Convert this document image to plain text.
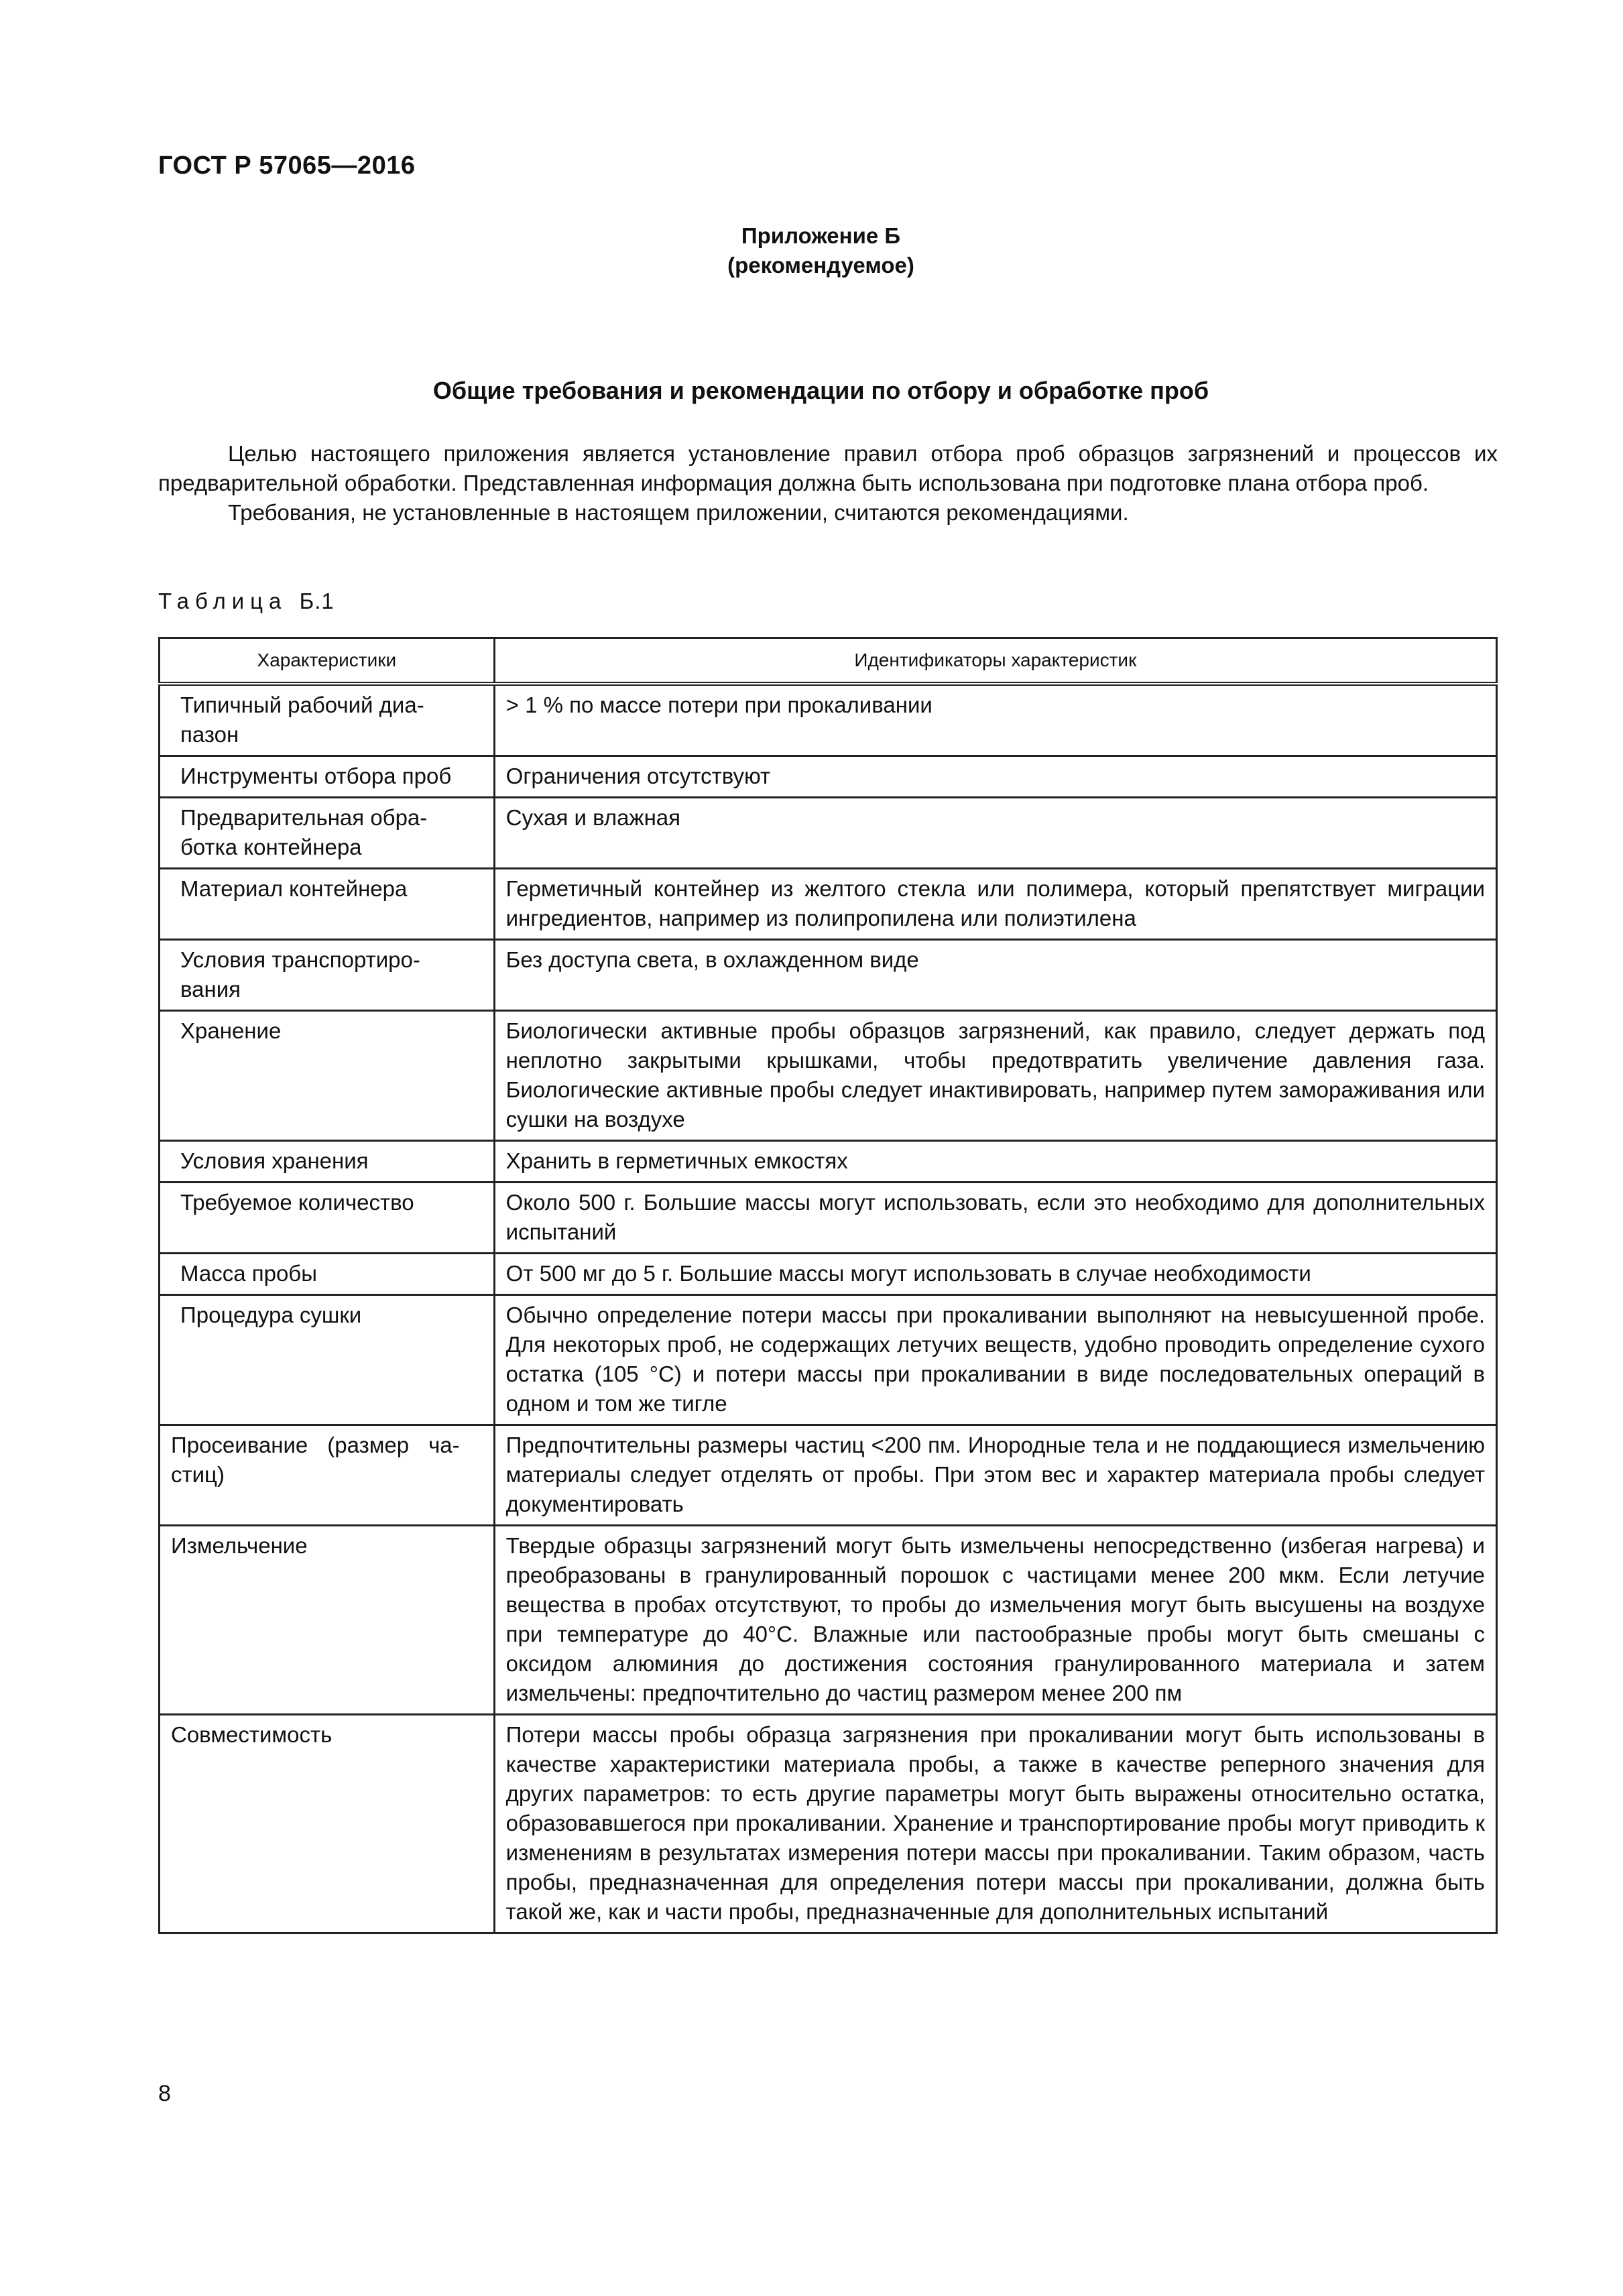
ГОСТ Р 57065—2016
Приложение Б
(рекомендуемое)
Общие требования и рекомендации по отбору и обработке проб

Целью настоящего приложения является установление правил отбора проб образцов загрязнений и процессов их предварительной обработки. Представленная информация должна быть использована при подготовке плана отбора проб.

Требования, не установленные в настоящем приложении, считаются рекомендациями.

Таблица Б.1
Характеристики	Идентификаторы характеристик
Типичный рабочий диапазон	> 1 % по массе потери при прокаливании
Инструменты отбора проб	Ограничения отсутствуют
Предварительная обработка контейнера	Сухая и влажная
Материал контейнера	Герметичный контейнер из желтого стекла или полимера, который препятствует миграции ингредиентов, например из полипропилена или полиэтилена
Условия транспортирования	Без доступа света, в охлажденном виде
Хранение	Биологически активные пробы образцов загрязнений, как правило, следует держать под неплотно закрытыми крышками, чтобы предотвратить увеличение давления газа. Биологические активные пробы следует инактивировать, например путем замораживания или сушки на воздухе
Условия хранения	Хранить в герметичных емкостях
Требуемое количество	Около 500 г. Большие массы могут использовать, если это необходимо для дополнительных испытаний
Масса пробы	От 500 мг до 5 г. Большие массы могут использовать в случае необходимости
Процедура сушки	Обычно определение потери массы при прокаливании выполняют на невысушенной пробе. Для некоторых проб, не содержащих летучих веществ, удобно проводить определение сухого остатка (105 °С) и потери массы при прокаливании в виде последовательных операций в одном и том же тигле
Просеивание (размер частиц)	Предпочтительны размеры частиц <200 пм. Инородные тела и не поддающиеся измельчению материалы следует отделять от пробы. При этом вес и характер материала пробы следует документировать
Измельчение	Твердые образцы загрязнений могут быть измельчены непосредственно (избегая нагрева) и преобразованы в гранулированный порошок с частицами менее 200 мкм. Если летучие вещества в пробах отсутствуют, то пробы до измельчения могут быть высушены на воздухе при температуре до 40°С. Влажные или пастообразные пробы могут быть смешаны с оксидом алюминия до достижения состояния гранулированного материала и затем измельчены: предпочтительно до частиц размером менее 200 пм
Совместимость	Потери массы пробы образца загрязнения при прокаливании могут быть использованы в качестве характеристики материала пробы, а также в качестве реперного значения для других параметров: то есть другие параметры могут быть выражены относительно остатка, образовавшегося при прокаливании. Хранение и транспортирование пробы могут приводить к изменениям в результатах измерения потери массы при прокаливании. Таким образом, часть пробы, предназначенная для определения потери массы при прокаливании, должна быть такой же, как и части пробы, предназначенные для дополнительных испытаний
8
